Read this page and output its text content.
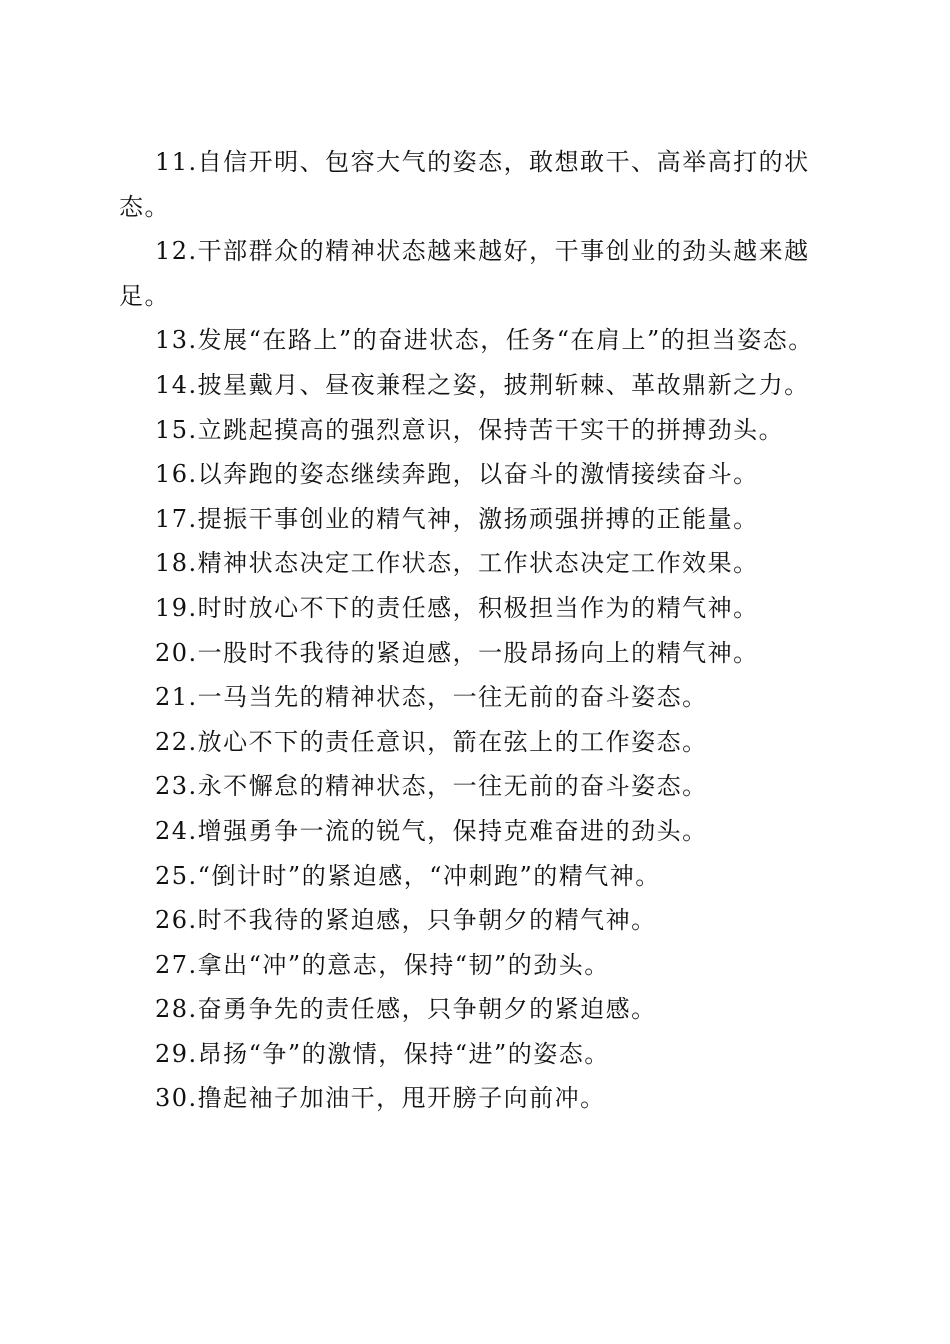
11.自信开明、包容大气的姿态，敢想敢干、高举高打的状态。

12.干部群众的精神状态越来越好，干事创业的劲头越来越足。

13.发展“在路上”的奋进状态，任务“在肩上”的担当姿态。

14.披星戴月、昼夜兼程之姿，披荆斩棘、革故鼎新之力。

15.立跳起摸高的强烈意识，保持苦干实干的拼搏劲头。

16.以奔跑的姿态继续奔跑，以奋斗的激情接续奋斗。

17.提振干事创业的精气神，激扬顽强拼搏的正能量。

18.精神状态决定工作状态，工作状态决定工作效果。

19.时时放心不下的责任感，积极担当作为的精气神。

20.一股时不我待的紧迫感，一股昂扬向上的精气神。

21.一马当先的精神状态，一往无前的奋斗姿态。

22.放心不下的责任意识，箭在弦上的工作姿态。

23.永不懈怠的精神状态，一往无前的奋斗姿态。

24.增强勇争一流的锐气，保持克难奋进的劲头。

25.“倒计时”的紧迫感，“冲刺跑”的精气神。

26.时不我待的紧迫感，只争朝夕的精气神。

27.拿出“冲”的意志，保持“韧”的劲头。

28.奋勇争先的责任感，只争朝夕的紧迫感。

29.昂扬“争”的激情，保持“进”的姿态。

30.撸起袖子加油干，甩开膀子向前冲。
